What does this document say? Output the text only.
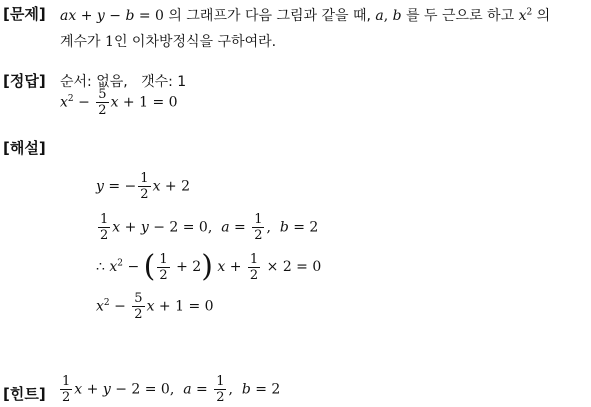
[문제] ax + y − b = 0 의 그래프가 다음 그림과 같을 때, a, b 를 두 근으로 하고 $x^2$ 의
계수가 1인 이차방정식을 구하여라.
[정답] 순서: 없음, 갯수: 1
$x^2 - \frac{5}{2}$ x + 1 = 0
[해설]
y = − $\frac{1}{2}$ x + 2
$\frac{1}{2}$ x + y − 2 = 0,  $a = \frac{1}{2}$ ,  b = 2
∴ $x^2$ − ( $\frac{1}{2} + 2$) $x + \frac{1}{2} \times 2 = 0$
$x^2 - \frac{5}{2}$ x + 1 = 0
[힌트] $\frac{1}{2}$ x + y − 2 = 0,  $a = \frac{1}{2}$ ,  b = 2
